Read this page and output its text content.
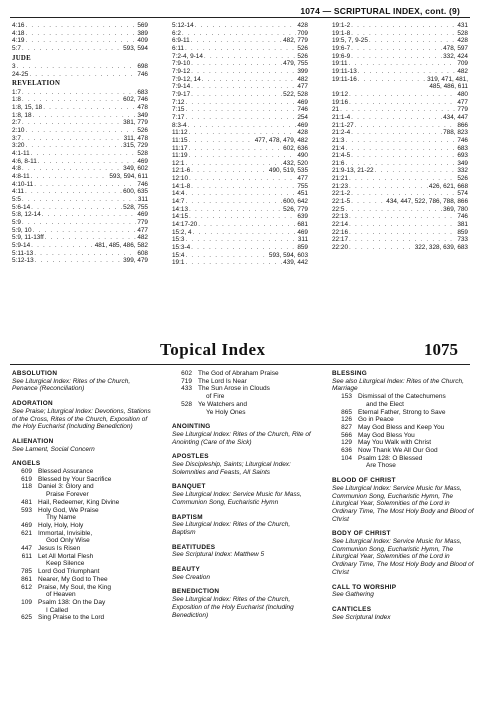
1074 — SCRIPTURAL INDEX, cont. (9)
4:16 . . .	569
4:18 . . .	389
4:19 . . .	409
5:7 . . .	593, 594
JUDE
3 . . .	698
24-25 . . .	746
REVELATION
1:7 . . .	683
1:8 . . .	602, 746
1:8, 15, 18 . . .	478
1:8, 18 . . .	349
2:7 . . .	381, 779
2:10 . . .	526
3:7 . . .	311, 478
3:20 . . .	315, 729
4:1-11 . . .	528
4:6, 8-11 . . .	469
4:8 . . .	349, 602
4:8-11 . . .	593, 594, 611
4:10-11 . . .	746
4:11 . . .	600, 635
5:5 . . .	311
5:6-14 . . .	528, 755
5:8, 12-14 . . .	469
5:9 . . .	779
5:9, 10 . . .	477
5:9, 11-13ff . . .	482
5:9-14 . . .	481, 485, 486, 582
5:11-13 . . .	608
5:12-13 . . .	399, 479
5:12-14 . . .	428
6:2 . . .	709
6:9-11 . . .	482, 779
6:11 . . .	526
7:2-4, 9-14 . . .	526
7:9-10 . . .	479, 755
7:9-12 . . .	399
7:9-12, 14 . . .	482
7:9-14 . . .	477
7:9-17 . . .	522, 528
7:12 . . .	469
7:15 . . .	746
7:17 . . .	254
8:3-4 . . .	469
11:12 . . .	428
11:15 . . .	477, 478, 479, 482
11:17 . . .	602, 636
11:19 . . .	490
12:1 . . .	432, 520
12:1-6 . . .	490, 519, 535
12:10 . . .	477
14:1-8 . . .	755
14:4 . . .	451
14:7 . . .	600, 642
14:13 . . .	526, 779
14:15 . . .	639
14:17-20 . . .	681
15:2, 4 . . .	469
15:3 . . .	311
15:3-4 . . .	859
15:4 . . .	593, 594, 603
19:1 . . .	439, 442
19:1-2 . . .	431
19:1-8 . . .	528
19:5, 7, 9-25 . . .	428
19:6-7 . . .	478, 597
19:6-9 . . .	332, 424
19:11 . . .	709
19:11-13 . . .	482
19:11-16 . . .	319, 471, 481,
485, 486, 611
19:12 . . .	480
19:16 . . .	477
21 . . .	779
21:1-4 . . .	434, 447
21:1-27 . . .	866
21:2-4 . . .	788, 823
21:3 . . .	746
21:4 . . .	683
21:4-5 . . .	693
21:6 . . .	349
21:9-13, 21-22 . . .	332
21:21 . . .	526
21:23 . . .	426, 621, 668
22:1-2 . . .	574
22:1-5 . . .	434, 447, 522, 786, 788, 866
22:5 . . .	369, 780
22:13 . . .	746
22:14 . . .	381
22:16 . . .	859
22:17 . . .	733
22:20 . . .	322, 328, 639, 683
Topical Index	1075
ABSOLUTION
See Liturgical Index: Rites of the Church, Penance (Reconciliation)
ADORATION
See Praise; Liturgical Index: Devotions, Stations of the Cross, Rites of the Church, Exposition of the Holy Eucharist (Including Benediction)
ALIENATION
See Lament, Social Concern
ANGELS
609 Blessed Assurance
619 Blessed by Your Sacrifice
118 Daniel 3: Glory and
Praise Forever
481 Hail, Redeemer, King Divine
593 Holy God, We Praise
Thy Name
469 Holy, Holy, Holy
621 Immortal, Invisible,
God Only Wise
447 Jesus Is Risen
611 Let All Mortal Flesh
Keep Silence
785 Lord God Triumphant
861 Nearer, My God to Thee
612 Praise, My Soul, the King
of Heaven
109 Psalm 138: On the Day
I Called
625 Sing Praise to the Lord
602 The God of Abraham Praise
719 The Lord Is Near
433 The Sun Arose in Clouds
of Fire
528 Ye Watchers and
Ye Holy Ones
ANOINTING
See Liturgical Index: Rites of the Church, Rite of Anointing (Care of the Sick)
APOSTLES
See Discipleship, Saints; Liturgical Index: Solemnities and Feasts, All Saints
BANQUET
See Liturgical Index: Service Music for Mass, Communion Song, Eucharistic Hymn
BAPTISM
See Liturgical Index: Rites of the Church, Baptism
BEATITUDES
See Scriptural Index: Matthew 5
BEAUTY
See Creation
BENEDICTION
See Liturgical Index: Rites of the Church, Exposition of the Holy Eucharist (Including Benediction)
BLESSING
See also Liturgical Index: Rites of the Church, Marriage
153 Dismissal of the Catechumens
and the Elect
865 Eternal Father, Strong to Save
126 Go in Peace
827 May God Bless and Keep You
566 May God Bless You
129 May You Walk with Christ
636 Now Thank We All Our God
104 Psalm 128: O Blessed
Are Those
BLOOD OF CHRIST
See Liturgical Index: Service Music for Mass, Communion Song, Eucharistic Hymn, The Liturgical Year, Solemnities of the Lord in Ordinary Time, The Most Holy Body and Blood of Christ
BODY OF CHRIST
See Liturgical Index: Service Music for Mass, Communion Song, Eucharistic Hymn, The Liturgical Year, Solemnities of the Lord in Ordinary Time, The Most Holy Body and Blood of Christ
CALL TO WORSHIP
See Gathering
CANTICLES
See Scriptural Index
